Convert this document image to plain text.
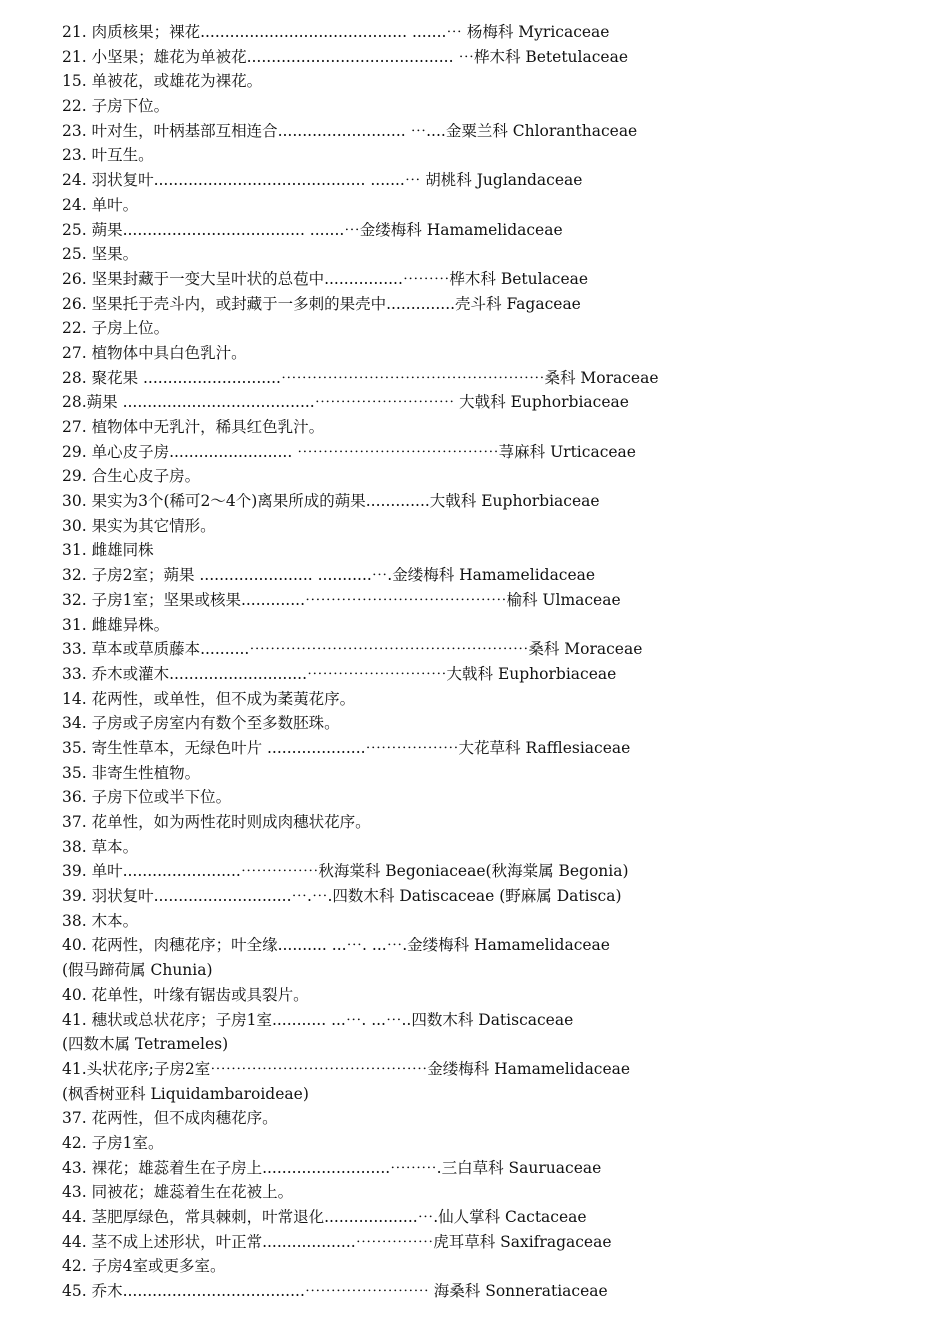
21. 肉质核果；裸花.......................................... .......⋯ 杨梅科 Myricaceae
21. 小坚果；雄花为单被花.......................................... ⋯桦木科 Betetulaceae
15. 单被花，或雄花为裸花。
22. 子房下位。
23. 叶对生，叶柄基部互相连合.......................... ⋯....金粟兰科 Chloranthaceae
23. 叶互生。
24. 羽状复叶........................................... .......⋯ 胡桃科 Juglandaceae
24. 单叶。
25. 蒴果..................................... .......⋯金缕梅科 Hamamelidaceae
25. 坚果。
26. 坚果封藏于一变大呈叶状的总苞中................⋯⋯⋯桦木科 Betulaceae
26. 坚果托于壳斗内，或封藏于一多刺的果壳中..............壳斗科 Fagaceae
22. 子房上位。
27. 植物体中具白色乳汁。
28. 聚花果 ............................⋯⋯⋯⋯⋯⋯⋯⋯⋯⋯⋯⋯⋯⋯⋯⋯⋯桑科 Moraceae
28.蒴果 .......................................⋯⋯⋯⋯⋯⋯⋯⋯⋯ 大戟科 Euphorbiaceae
27. 植物体中无乳汁，稀具红色乳汁。
29. 单心皮子房......................... ⋯⋯⋯⋯⋯⋯⋯⋯⋯⋯⋯⋯⋯荨麻科 Urticaceae
29. 合生心皮子房。
30. 果实为3个(稀可2～4个)离果所成的蒴果.............大戟科 Euphorbiaceae
30. 果实为其它情形。
31. 雌雄同株
32. 子房2室；蒴果 ....................... ...........⋯.金缕梅科 Hamamelidaceae
32. 子房1室；坚果或核果.............⋯⋯⋯⋯⋯⋯⋯⋯⋯⋯⋯⋯⋯榆科 Ulmaceae
31. 雌雄异株。
33. 草本或草质藤本..........⋯⋯⋯⋯⋯⋯⋯⋯⋯⋯⋯⋯⋯⋯⋯⋯⋯⋯桑科 Moraceae
33. 乔木或灌木............................⋯⋯⋯⋯⋯⋯⋯⋯⋯大戟科 Euphorbiaceae
14. 花两性，或单性，但不成为葇荑花序。
34. 子房或子房室内有数个至多数胚珠。
35. 寄生性草本，无绿色叶片 ....................⋯⋯⋯⋯⋯⋯大花草科 Rafflesiaceae
35. 非寄生性植物。
36. 子房下位或半下位。
37. 花单性，如为两性花时则成肉穗状花序。
38. 草本。
39. 单叶........................⋯⋯⋯⋯⋯秋海棠科 Begoniaceae(秋海棠属 Begonia)
39. 羽状复叶............................⋯.⋯.四数木科 Datiscaceae (野麻属 Datisca)
38. 木本。
40. 花两性，肉穗花序；叶全缘.......... ...⋯. ...⋯.金缕梅科 Hamamelidaceae
(假马蹄荷属 Chunia)
40. 花单性，叶缘有锯齿或具裂片。
41. 穗状或总状花序；子房1室........... ...⋯. ...⋯..四数木科 Datiscaceae
(四数木属 Tetrameles)
41.头状花序;子房2室⋯⋯⋯⋯⋯⋯⋯⋯⋯⋯⋯⋯⋯⋯金缕梅科 Hamamelidaceae
(枫香树亚科 Liquidambaroideae)
37. 花两性，但不成肉穗花序。
42. 子房1室。
43. 裸花；雄蕊着生在子房上..........................⋯⋯⋯.三白草科 Sauruaceae
43. 同被花；雄蕊着生在花被上。
44. 茎肥厚绿色，常具棘刺，叶常退化...................⋯.仙人掌科 Cactaceae
44. 茎不成上述形状，叶正常...................⋯⋯⋯⋯⋯虎耳草科 Saxifragaceae
42. 子房4室或更多室。
45. 乔木.....................................⋯⋯⋯⋯⋯⋯⋯⋯ 海桑科 Sonneratiaceae
